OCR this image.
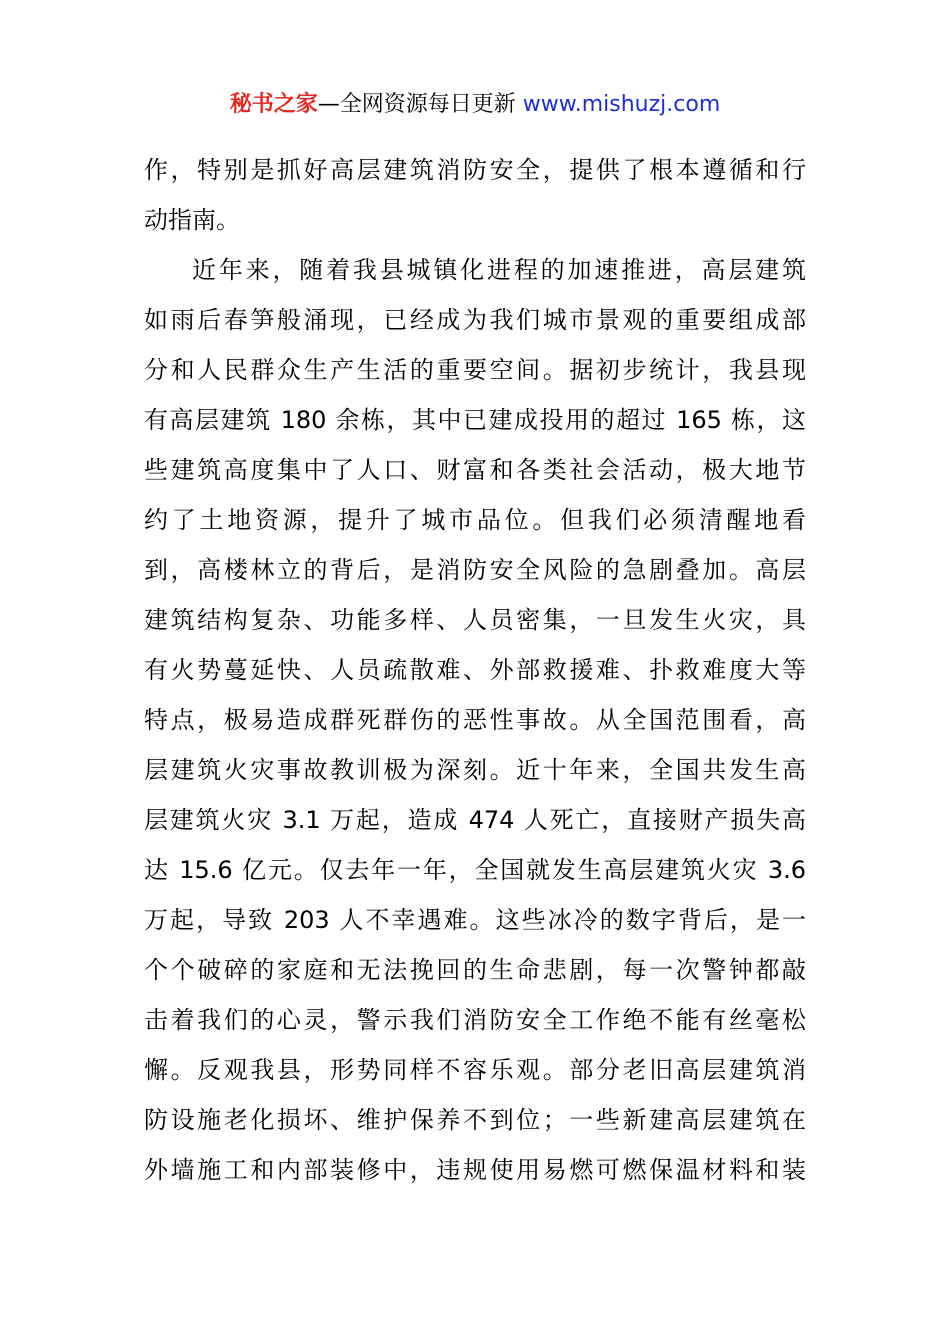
秘书之家—全网资源每日更新 www.mishuzj.com
作，特别是抓好高层建筑消防安全，提供了根本遵循和行
动指南。
近年来，随着我县城镇化进程的加速推进，高层建筑
如雨后春笋般涌现，已经成为我们城市景观的重要组成部
分和人民群众生产生活的重要空间。据初步统计，我县现
有高层建筑 180 余栋，其中已建成投用的超过 165 栋，这
些建筑高度集中了人口、财富和各类社会活动，极大地节
约了土地资源，提升了城市品位。但我们必须清醒地看
到，高楼林立的背后，是消防安全风险的急剧叠加。高层
建筑结构复杂、功能多样、人员密集，一旦发生火灾，具
有火势蔓延快、人员疏散难、外部救援难、扑救难度大等
特点，极易造成群死群伤的恶性事故。从全国范围看，高
层建筑火灾事故教训极为深刻。近十年来，全国共发生高
层建筑火灾 3.1 万起，造成 474 人死亡，直接财产损失高
达 15.6 亿元。仅去年一年，全国就发生高层建筑火灾 3.6
万起，导致 203 人不幸遇难。这些冰冷的数字背后，是一
个个破碎的家庭和无法挽回的生命悲剧，每一次警钟都敲
击着我们的心灵，警示我们消防安全工作绝不能有丝毫松
懈。反观我县，形势同样不容乐观。部分老旧高层建筑消
防设施老化损坏、维护保养不到位；一些新建高层建筑在
外墙施工和内部装修中，违规使用易燃可燃保温材料和装
